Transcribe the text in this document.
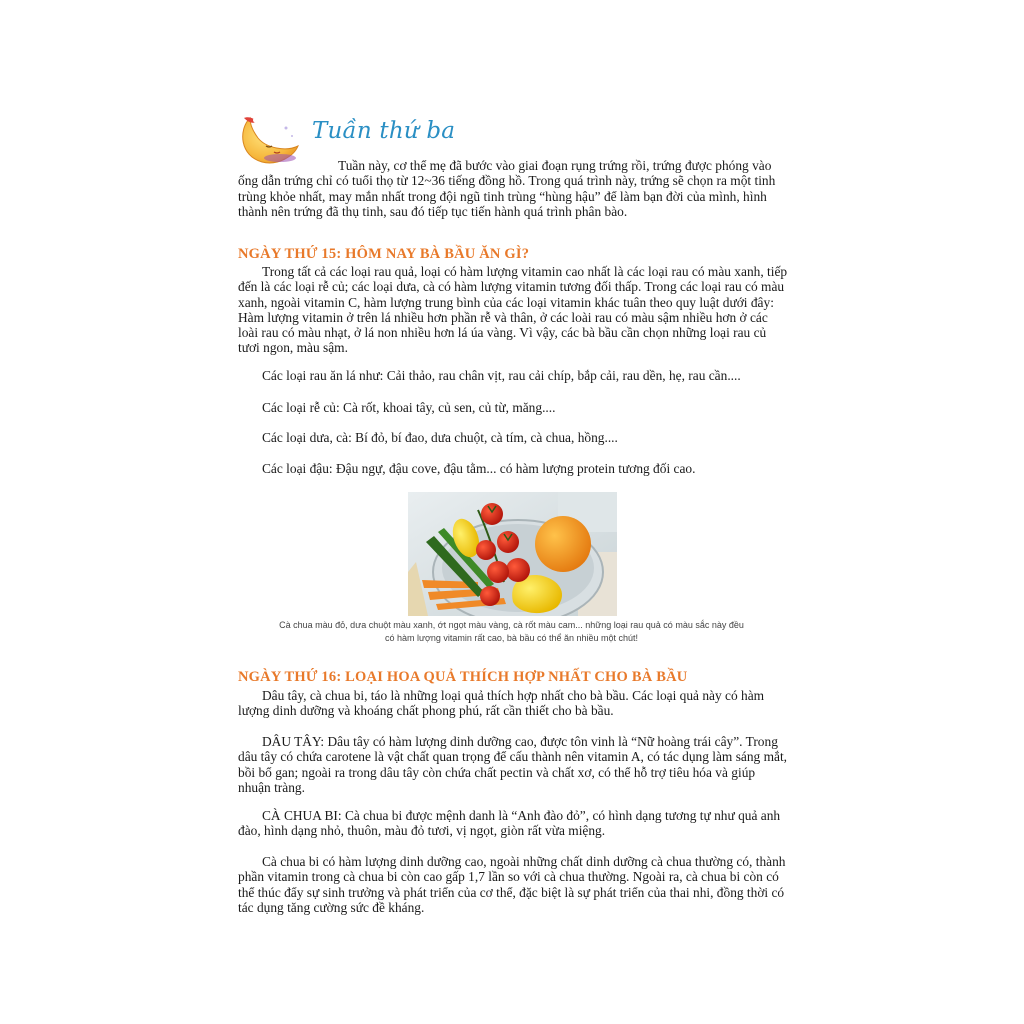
Tuần thứ ba

Tuần này, cơ thể mẹ đã bước vào giai đoạn rụng trứng rồi, trứng được phóng vào ống dẫn trứng chỉ có tuổi thọ từ 12~36 tiếng đồng hồ. Trong quá trình này, trứng sẽ chọn ra một tinh trùng khỏe nhất, may mắn nhất trong đội ngũ tinh trùng “hùng hậu” để làm bạn đời của mình, hình thành nên trứng đã thụ tinh, sau đó tiếp tục tiến hành quá trình phân bào.

NGÀY THỨ 15: HÔM NAY BÀ BẦU ĂN GÌ?

Trong tất cả các loại rau quả, loại có hàm lượng vitamin cao nhất là các loại rau có màu xanh, tiếp đến là các loại rễ củ; các loại dưa, cà có hàm lượng vitamin tương đối thấp. Trong các loại rau có màu xanh, ngoài vitamin C, hàm lượng trung bình của các loại vitamin khác tuân theo quy luật dưới đây: Hàm lượng vitamin ở trên lá nhiều hơn phần rễ và thân, ở các loài rau có màu sậm nhiều hơn ở các loài rau có màu nhạt, ở lá non nhiều hơn lá úa vàng. Vì vậy, các bà bầu cần chọn những loại rau củ tươi ngon, màu sậm.

Các loại rau ăn lá như: Cải thảo, rau chân vịt, rau cải chíp, bắp cải, rau dền, hẹ, rau cần....
Các loại rễ củ: Cà rốt, khoai tây, củ sen, củ từ, măng....
Các loại dưa, cà: Bí đỏ, bí đao, dưa chuột, cà tím, cà chua, hồng....
Các loại đậu: Đậu ngự, đậu cove, đậu tằm... có hàm lượng protein tương đối cao.

Cà chua màu đỏ, dưa chuột màu xanh, ớt ngọt màu vàng, cà rốt màu cam... những loại rau quả có màu sắc này đều
có hàm lượng vitamin rất cao, bà bầu có thể ăn nhiều một chút!

NGÀY THỨ 16: LOẠI HOA QUẢ THÍCH HỢP NHẤT CHO BÀ BẦU

Dâu tây, cà chua bi, táo là những loại quả thích hợp nhất cho bà bầu. Các loại quả này có hàm lượng dinh dưỡng và khoáng chất phong phú, rất cần thiết cho bà bầu.

DÂU TÂY: Dâu tây có hàm lượng dinh dưỡng cao, được tôn vinh là “Nữ hoàng trái cây”. Trong dâu tây có chứa carotene là vật chất quan trọng để cấu thành nên vitamin A, có tác dụng làm sáng mắt, bồi bổ gan; ngoài ra trong dâu tây còn chứa chất pectin và chất xơ, có thể hỗ trợ tiêu hóa và giúp nhuận tràng.

CÀ CHUA BI: Cà chua bi được mệnh danh là “Anh đào đỏ”, có hình dạng tương tự như quả anh đào, hình dạng nhỏ, thuôn, màu đỏ tươi, vị ngọt, giòn rất vừa miệng.

Cà chua bi có hàm lượng dinh dưỡng cao, ngoài những chất dinh dưỡng cà chua thường có, thành phần vitamin trong cà chua bi còn cao gấp 1,7 lần so với cà chua thường. Ngoài ra, cà chua bi còn có thể thúc đẩy sự sinh trưởng và phát triển của cơ thể, đặc biệt là sự phát triển của thai nhi, đồng thời có tác dụng tăng cường sức đề kháng.
